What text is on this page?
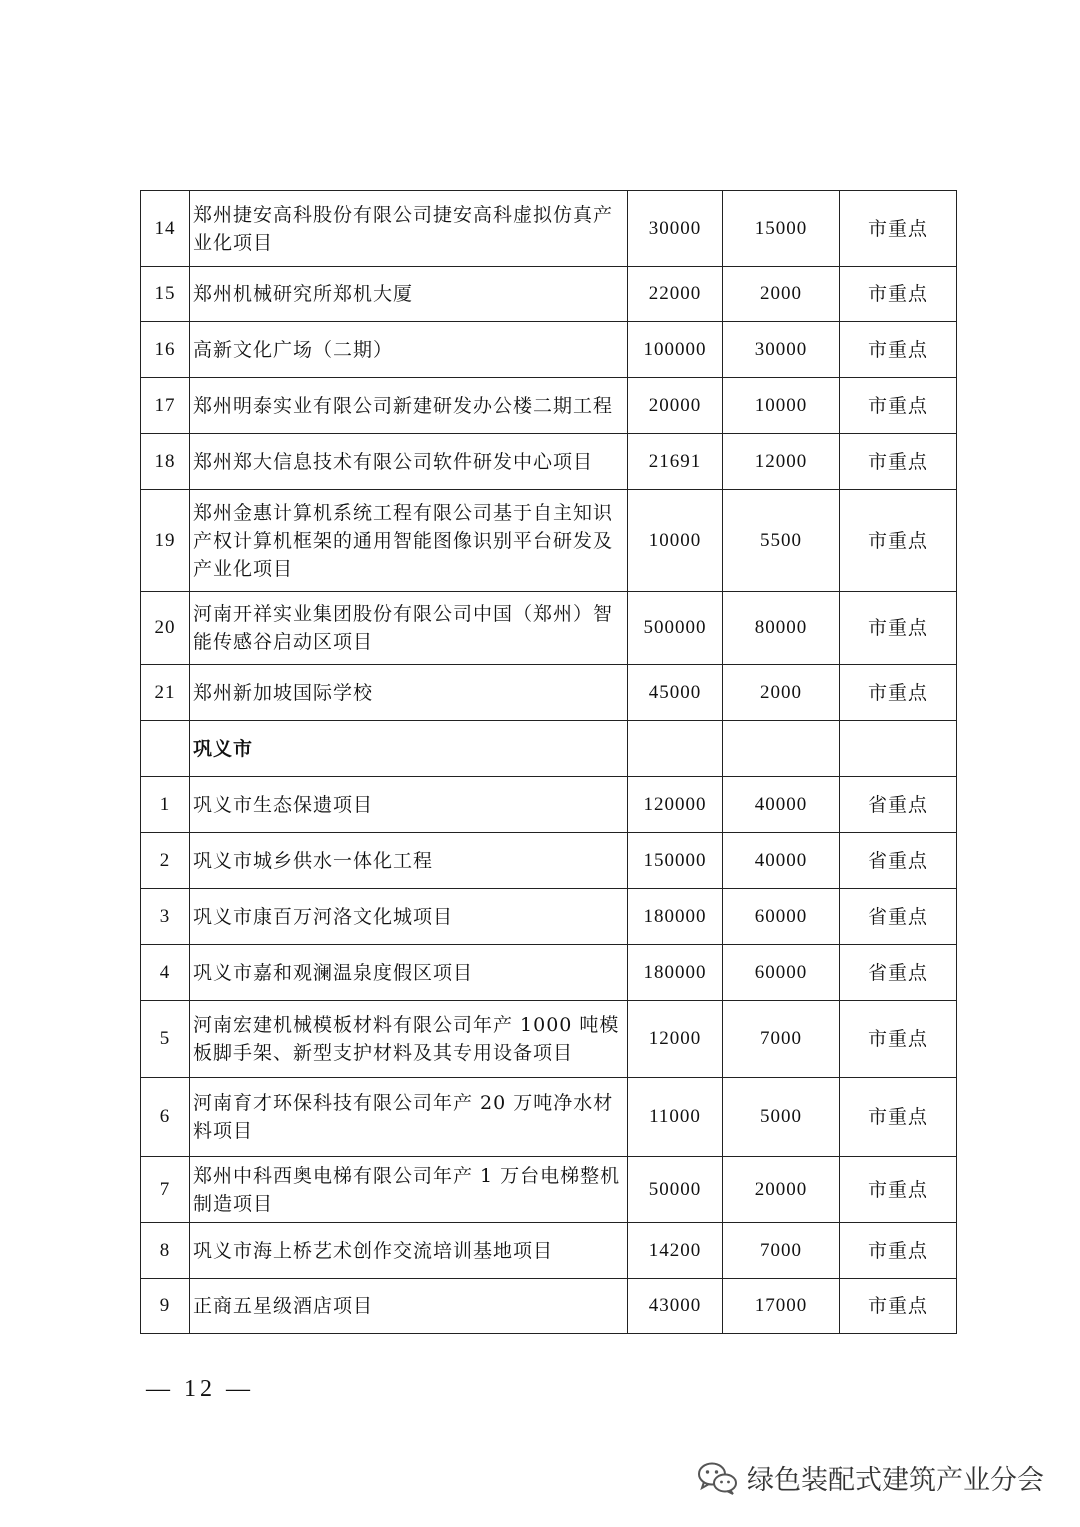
14	郑州捷安高科股份有限公司捷安高科虚拟仿真产业化项目	30000	15000	市重点
15	郑州机械研究所郑机大厦	22000	2000	市重点
16	高新文化广场（二期）	100000	30000	市重点
17	郑州明泰实业有限公司新建研发办公楼二期工程	20000	10000	市重点
18	郑州郑大信息技术有限公司软件研发中心项目	21691	12000	市重点
19	郑州金惠计算机系统工程有限公司基于自主知识产权计算机框架的通用智能图像识别平台研发及产业化项目	10000	5500	市重点
20	河南开祥实业集团股份有限公司中国（郑州）智能传感谷启动区项目	500000	80000	市重点
21	郑州新加坡国际学校	45000	2000	市重点
	巩义市			
1	巩义市生态保遗项目	120000	40000	省重点
2	巩义市城乡供水一体化工程	150000	40000	省重点
3	巩义市康百万河洛文化城项目	180000	60000	省重点
4	巩义市嘉和观澜温泉度假区项目	180000	60000	省重点
5	河南宏建机械模板材料有限公司年产 1000 吨模板脚手架、新型支护材料及其专用设备项目	12000	7000	市重点
6	河南育才环保科技有限公司年产 20 万吨净水材料项目	11000	5000	市重点
7	郑州中科西奥电梯有限公司年产 1 万台电梯整机制造项目	50000	20000	市重点
8	巩义市海上桥艺术创作交流培训基地项目	14200	7000	市重点
9	正商五星级酒店项目	43000	17000	市重点
— 12 —
绿色装配式建筑产业分会
